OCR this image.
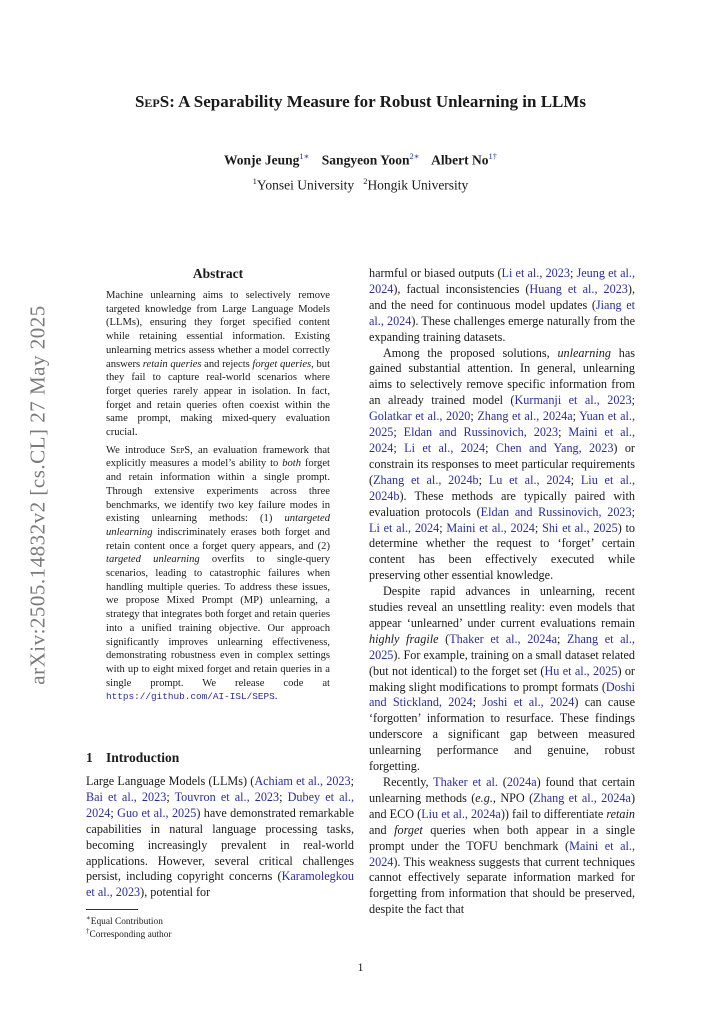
arXiv:2505.14832v2 [cs.CL] 27 May 2025
SepS: A Separability Measure for Robust Unlearning in LLMs
Wonje Jeung$^{1∗}$ Sangyeon Yoon$^{2∗}$ Albert $No^{1\dagger}$
$^1$Yonsei University $^2$Hongik University
Abstract

Machine unlearning aims to selectively remove targeted knowledge from Large Language Models (LLMs), ensuring they forget specified content while retaining essential information. Existing unlearning metrics assess whether a model correctly answers retain queries and rejects forget queries, but they fail to capture real-world scenarios where forget queries rarely appear in isolation. In fact, forget and retain queries often coexist within the same prompt, making mixed-query evaluation crucial.

We introduce SepS, an evaluation framework that explicitly measures a model’s ability to both forget and retain information within a single prompt. Through extensive experiments across three benchmarks, we identify two key failure modes in existing unlearning methods: (1) untargeted unlearning indiscriminately erases both forget and retain content once a forget query appears, and (2) targeted unlearning overfits to single-query scenarios, leading to catastrophic failures when handling multiple queries. To address these issues, we propose Mixed Prompt (MP) unlearning, a strategy that integrates both forget and retain queries into a unified training objective. Our approach significantly improves unlearning effectiveness, demonstrating robustness even in complex settings with up to eight mixed forget and retain queries in a single prompt. We release code at https://github.com/AI-ISL/SEPS.

1 Introduction
Large Language Models (LLMs) (Achiam et al., 2023; Bai et al., 2023; Touvron et al., 2023; Dubey et al., 2024; Guo et al., 2025) have demonstrated remarkable capabilities in natural language processing tasks, becoming increasingly prevalent in real-world applications. However, several critical challenges persist, including copyright concerns (Karamolegkou et al., 2023), potential for

harmful or biased outputs (Li et al., 2023; Jeung et al., 2024), factual inconsistencies (Huang et al., 2023), and the need for continuous model updates (Jiang et al., 2024). These challenges emerge naturally from the expanding training datasets.

Among the proposed solutions, unlearning has gained substantial attention. In general, unlearning aims to selectively remove specific information from an already trained model (Kurmanji et al., 2023; Golatkar et al., 2020; Zhang et al., 2024a; Yuan et al., 2025; Eldan and Russinovich, 2023; Maini et al., 2024; Li et al., 2024; Chen and Yang, 2023) or constrain its responses to meet particular requirements (Zhang et al., 2024b; Lu et al., 2024; Liu et al., 2024b). These methods are typically paired with evaluation protocols (Eldan and Russinovich, 2023; Li et al., 2024; Maini et al., 2024; Shi et al., 2025) to determine whether the request to ‘forget’ certain content has been effectively executed while preserving other essential knowledge.

Despite rapid advances in unlearning, recent studies reveal an unsettling reality: even models that appear ‘unlearned’ under current evaluations remain highly fragile (Thaker et al., 2024a; Zhang et al., 2025). For example, training on a small dataset related (but not identical) to the forget set (Hu et al., 2025) or making slight modifications to prompt formats (Doshi and Stickland, 2024; Joshi et al., 2024) can cause ‘forgotten’ information to resurface. These findings underscore a significant gap between measured unlearning performance and genuine, robust forgetting.

Recently, Thaker et al. (2024a) found that certain unlearning methods (e.g., NPO (Zhang et al., 2024a) and ECO (Liu et al., 2024a)) fail to differentiate retain and forget queries when both appear in a single prompt under the TOFU benchmark (Maini et al., 2024). This weakness suggests that current techniques cannot effectively separate information marked for forgetting from information that should be preserved, despite the fact that

∗Equal Contribution
†Corresponding author
1
